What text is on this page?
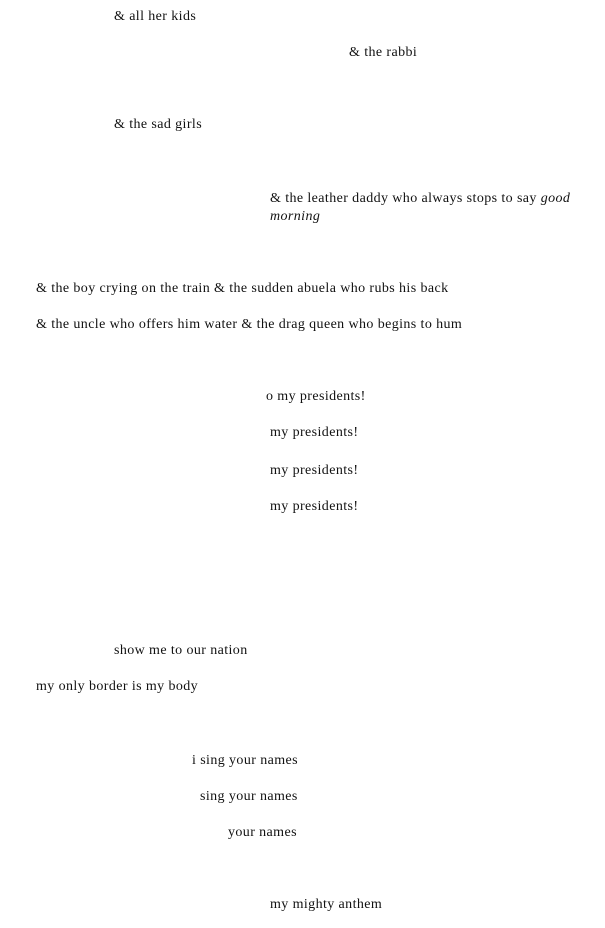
& all her kids
& the rabbi
& the sad girls
& the leather daddy who always stops to say good
morning
& the boy crying on the train & the sudden abuela who rubs his back
& the uncle who offers him water & the drag queen who begins to hum
o my presidents!
my presidents!
my presidents!
my presidents!
show me to our nation
my only border is my body
i sing your names
sing your names
your names
my mighty anthem
